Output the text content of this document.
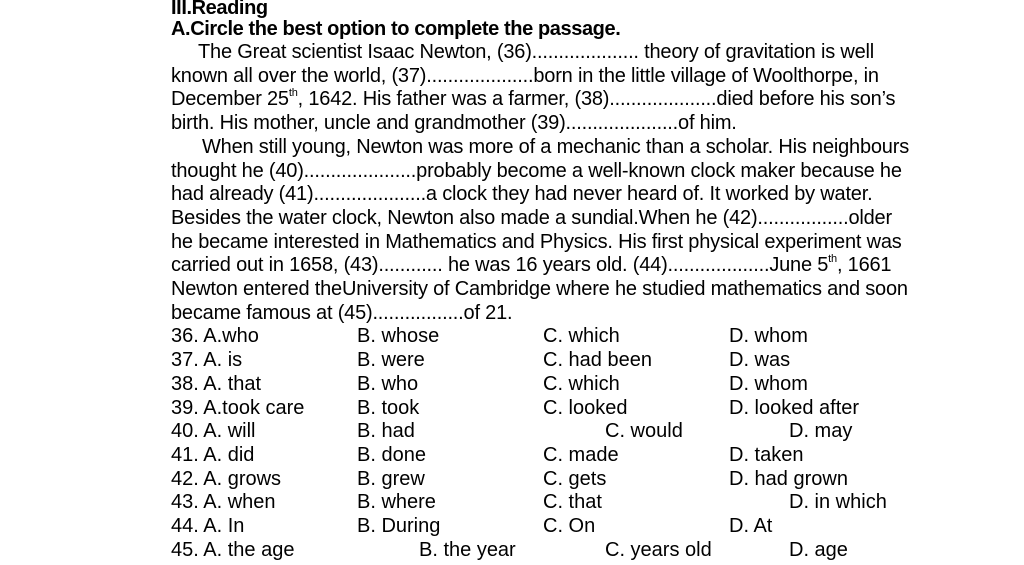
III.Reading
A.Circle the best option to complete the passage.
The Great scientist Isaac Newton, (36).................... theory of gravitation is well
known all over the world, (37)....................born in the little village of Woolthorpe, in
December 25th, 1642. His father was a farmer, (38)....................died before his son’s
birth. His mother, uncle and grandmother (39).....................of him.
When still young, Newton was more of a mechanic than a scholar. His neighbours
thought he (40).....................probably become a well-known clock maker because he
had already (41).....................a clock they had never heard of. It worked by water.
Besides the water clock, Newton also made a sundial.When he (42).................older
he became interested in Mathematics and Physics. His first physical experiment was
carried out in 1658, (43)............ he was 16 years old. (44)...................June 5th, 1661
Newton entered theUniversity of Cambridge where he studied mathematics and soon
became famous at (45).................of 21.
36. A.who	B. whose	C. which	D. whom
37. A. is	B. were	C. had been	D. was
38. A. that	B. who	C. which	D. whom
39. A.took care	B. took	C. looked	D. looked after
40. A. will	B. had	C. would	D. may
41. A. did	B. done	C. made	D. taken
42. A. grows	B. grew	C. gets	D. had grown
43. A. when	B. where	C. that	D. in which
44. A. In	B. During	C. On	D. At
45. A. the age	B. the year	C. years old	D. age
